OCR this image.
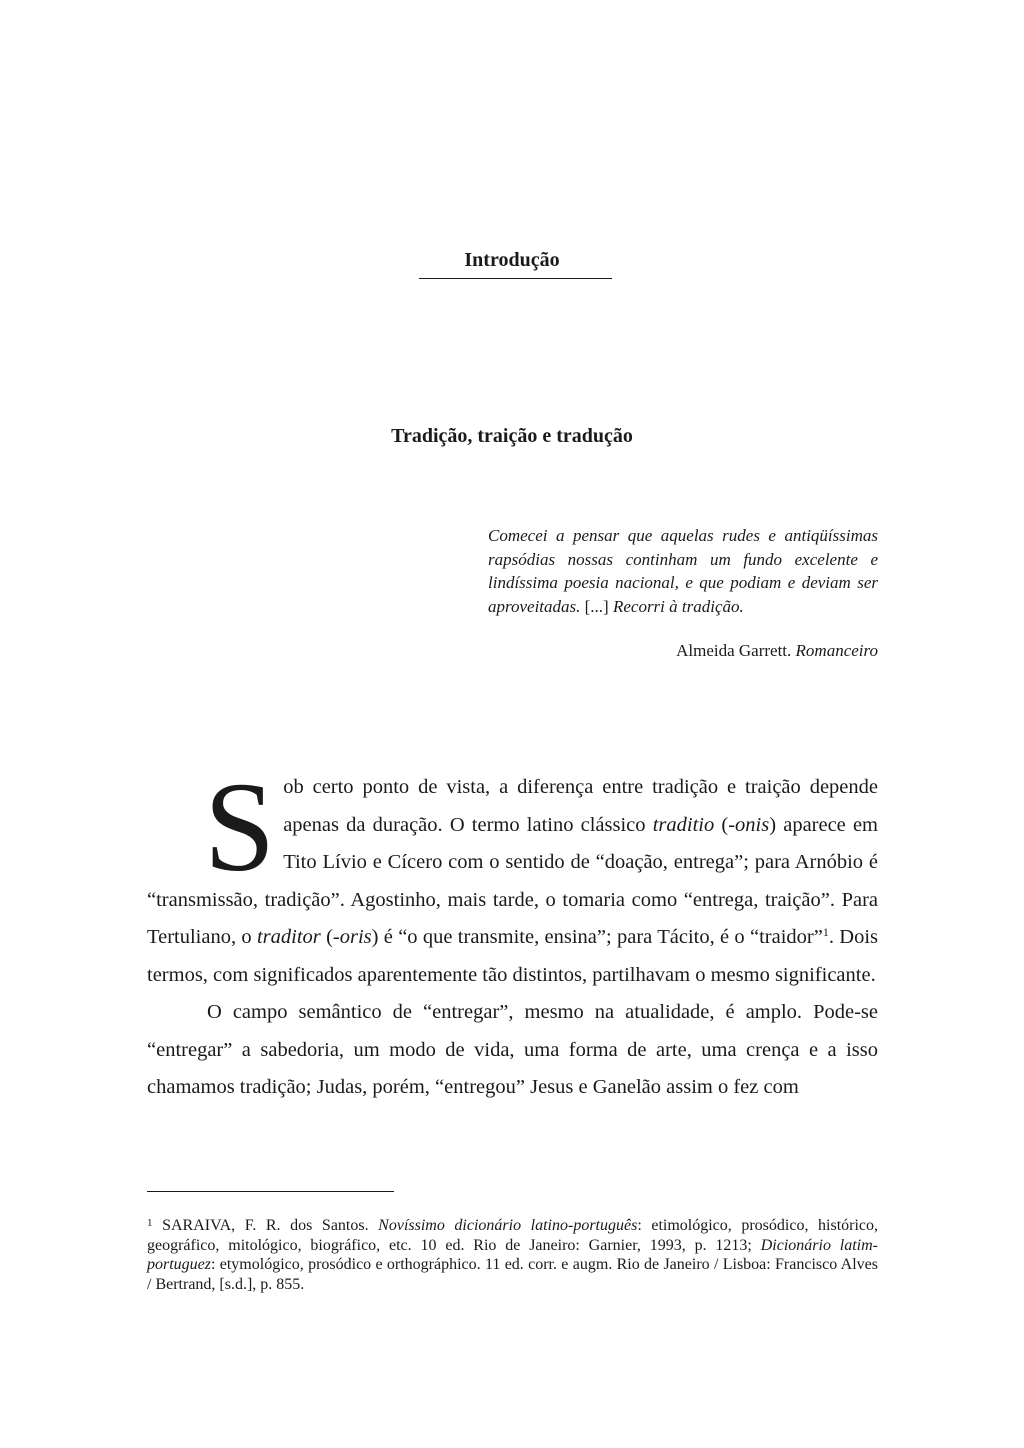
Introdução
Tradição, traição e tradução
Comecei a pensar que aquelas rudes e antiqüíssimas rapsódias nossas continham um fundo excelente e lindíssima poesia nacional, e que podiam e deviam ser aproveitadas. [...] Recorri à tradição.
Almeida Garrett. Romanceiro

Sob certo ponto de vista, a diferença entre tradição e traição depende apenas da duração. O termo latino clássico traditio (-onis) aparece em Tito Lívio e Cícero com o sentido de “doação, entrega”; para Arnóbio é “transmissão, tradição”. Agostinho, mais tarde, o tomaria como “entrega, traição”. Para Tertuliano, o traditor (-oris) é “o que transmite, ensina”; para Tácito, é o “traidor”$^1$. Dois termos, com significados aparentemente tão distintos, partilhavam o mesmo significante.

O campo semântico de “entregar”, mesmo na atualidade, é amplo. Pode-se “entregar” a sabedoria, um modo de vida, uma forma de arte, uma crença e a isso chamamos tradição; Judas, porém, “entregou” Jesus e Ganelão assim o fez com

$^1$ SARAIVA, F. R. dos Santos. Novíssimo dicionário latino-português: etimológico, prosódico, histórico, geográfico, mitológico, biográfico, etc. 10 ed. Rio de Janeiro: Garnier, 1993, p. 1213; Dicionário latim-portuguez: etymológico, prosódico e orthográphico. 11 ed. corr. e augm. Rio de Janeiro / Lisboa: Francisco Alves / Bertrand, [s.d.], p. 855.
